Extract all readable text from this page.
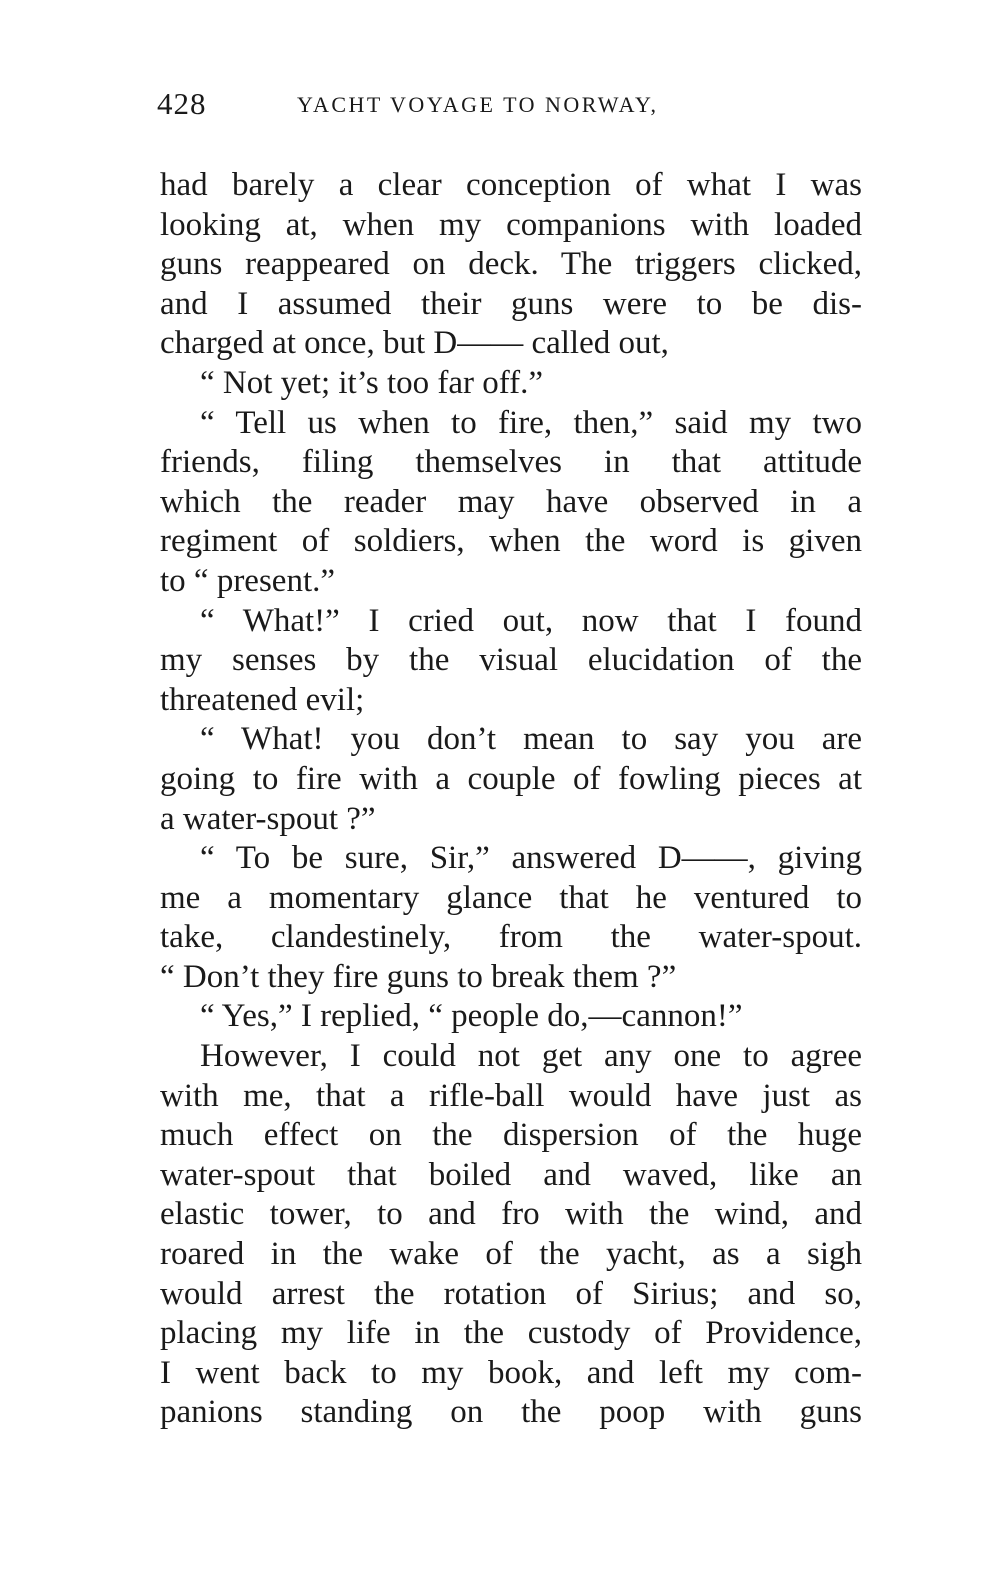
428	YACHT VOYAGE TO NORWAY,
had barely a clear conception of what I was
looking at, when my companions with loaded
guns reappeared on deck. The triggers clicked,
and I assumed their guns were to be dis-
charged at once, but D—— called out,
“ Not yet; it’s too far off.”
“ Tell us when to fire, then,” said my two
friends, filing themselves in that attitude
which the reader may have observed in a
regiment of soldiers, when the word is given
to “ present.”
“ What!” I cried out, now that I found
my senses by the visual elucidation of the
threatened evil;
“ What! you don’t mean to say you are
going to fire with a couple of fowling pieces at
a water-spout ?”
“ To be sure, Sir,” answered D——, giving
me a momentary glance that he ventured to
take, clandestinely, from the water-spout.
“ Don’t they fire guns to break them ?”
“ Yes,” I replied, “ people do,—cannon!”
However, I could not get any one to agree
with me, that a rifle-ball would have just as
much effect on the dispersion of the huge
water-spout that boiled and waved, like an
elastic tower, to and fro with the wind, and
roared in the wake of the yacht, as a sigh
would arrest the rotation of Sirius; and so,
placing my life in the custody of Providence,
I went back to my book, and left my com-
panions standing on the poop with guns
